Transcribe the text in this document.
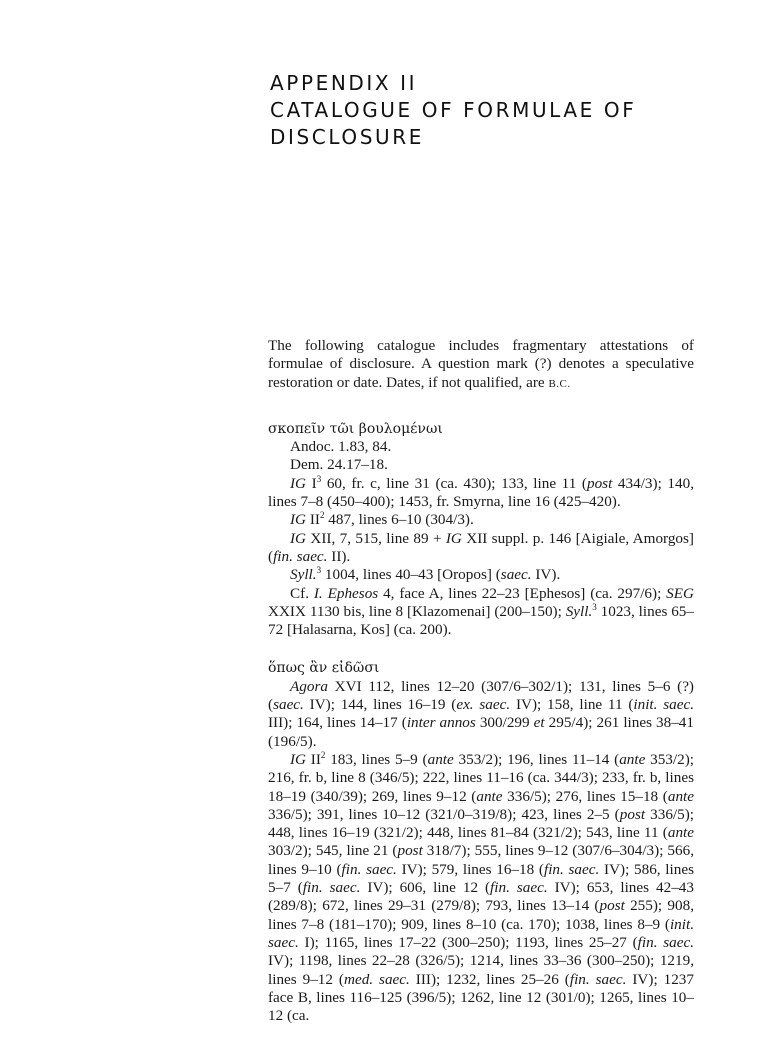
APPENDIX II
CATALOGUE OF FORMULAE OF
DISCLOSURE

The following catalogue includes fragmentary attestations of formulae of disclosure. A question mark (?) denotes a speculative restoration or date. Dates, if not qualified, are B.C.

σκοπεῖν τῶι βουλομένωι

Andoc. 1.83, 84.

Dem. 24.17–18.

IG $I^3$ 60, fr. c, line 31 (ca. 430); 133, line 11 (post 434/3); 140, lines 7–8 (450–400); 1453, fr. Smyrna, line 16 (425–420).

IG $II^2$ 487, lines 6–10 (304/3).

IG XII, 7, 515, line 89 + IG XII suppl. p. 146 [Aigiale, Amorgos] (fin. saec. II).

Syll.$^3$ 1004, lines 40–43 [Oropos] (saec. IV).

Cf. I. Ephesos 4, face A, lines 22–23 [Ephesos] (ca. 297/6); SEG XXIX 1130 bis, line 8 [Klazomenai] (200–150); Syll.$^3$ 1023, lines 65–72 [Halasarna, Kos] (ca. 200).

ὅπως ἂν εἰδῶσι

Agora XVI 112, lines 12–20 (307/6–302/1); 131, lines 5–6 (?) (saec. IV); 144, lines 16–19 (ex. saec. IV); 158, line 11 (init. saec. III); 164, lines 14–17 (inter annos 300/299 et 295/4); 261 lines 38–41 (196/5).

IG $II^2$ 183, lines 5–9 (ante 353/2); 196, lines 11–14 (ante 353/2); 216, fr. b, line 8 (346/5); 222, lines 11–16 (ca. 344/3); 233, fr. b, lines 18–19 (340/39); 269, lines 9–12 (ante 336/5); 276, lines 15–18 (ante 336/5); 391, lines 10–12 (321/0–319/8); 423, lines 2–5 (post 336/5); 448, lines 16–19 (321/2); 448, lines 81–84 (321/2); 543, line 11 (ante 303/2); 545, line 21 (post 318/7); 555, lines 9–12 (307/6–304/3); 566, lines 9–10 (fin. saec. IV); 579, lines 16–18 (fin. saec. IV); 586, lines 5–7 (fin. saec. IV); 606, line 12 (fin. saec. IV); 653, lines 42–43 (289/8); 672, lines 29–31 (279/8); 793, lines 13–14 (post 255); 908, lines 7–8 (181–170); 909, lines 8–10 (ca. 170); 1038, lines 8–9 (init. saec. I); 1165, lines 17–22 (300–250); 1193, lines 25–27 (fin. saec. IV); 1198, lines 22–28 (326/5); 1214, lines 33–36 (300–250); 1219, lines 9–12 (med. saec. III); 1232, lines 25–26 (fin. saec. IV); 1237 face B, lines 116–125 (396/5); 1262, line 12 (301/0); 1265, lines 10–12 (ca.
